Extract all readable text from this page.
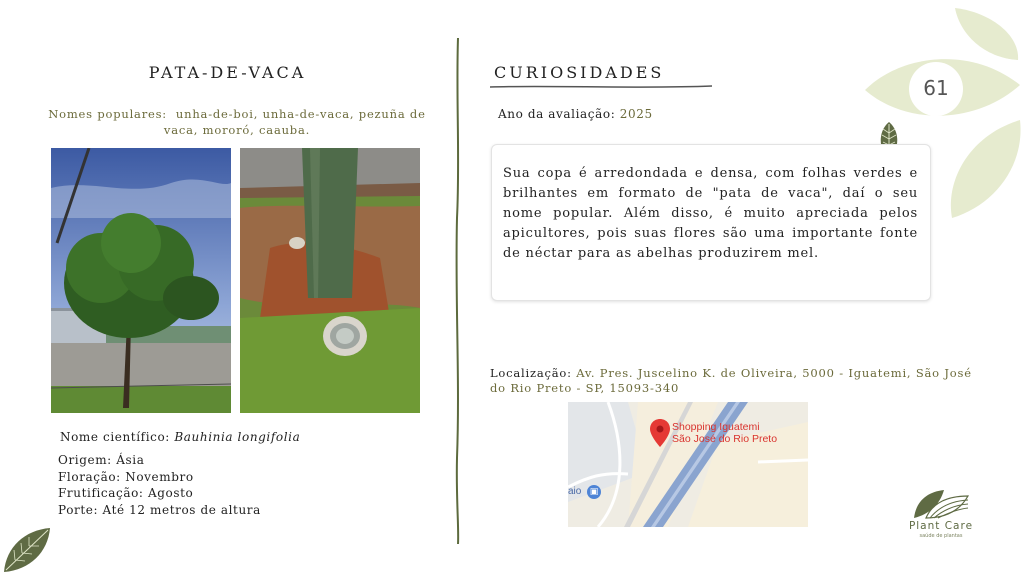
61
PATA-DE-VACA
Nomes populares: unha-de-boi, unha-de-vaca, pezuña de
vaca, mororó, caauba.
Nome científico: Bauhinia longifolia
Origem: Ásia
Floração: Novembro
Frutificação: Agosto
Porte: Até 12 metros de altura
CURIOSIDADES
Ano da avaliação: 2025
Sua copa é arredondada e densa, com folhas verdes e brilhantes em formato de "pata de vaca", daí o seu nome popular. Além disso, é muito apreciada pelos apicultores, pois suas flores são uma importante fonte de néctar para as abelhas produzirem mel.
Localização: Av. Pres. Juscelino K. de Oliveira, 5000 - Iguatemi, São José
do Rio Preto - SP, 15093-340
Shopping Iguatemi
São José do Rio Preto
aio ▣
Plant Care
saúde de plantas
